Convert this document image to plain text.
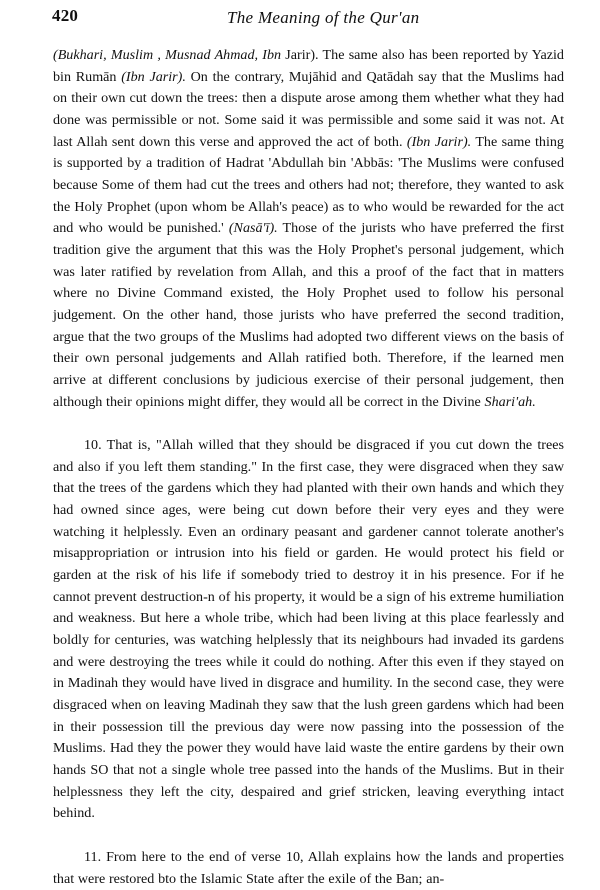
420	The Meaning of the Qur'an

(Bukhari, Muslim , Musnad Ahmad, Ibn Jarir). The same also has been reported by Yazid bin Rumān (Ibn Jarir). On the contrary, Mujāhid and Qatādah say that the Muslims had on their own cut down the trees: then a dispute arose among them whether what they had done was permissible or not. Some said it was permissible and some said it was not. At last Allah sent down this verse and approved the act of both. (Ibn Jarir). The same thing is supported by a tradition of Hadrat 'Abdullah bin 'Abbās: 'The Muslims were confused because Some of them had cut the trees and others had not; therefore, they wanted to ask the Holy Prophet (upon whom be Allah's peace) as to who would be rewarded for the act and who would be punished.' (Nasā'ī). Those of the jurists who have preferred the first tradition give the argument that this was the Holy Prophet's personal judgement, which was later ratified by revelation from Allah, and this a proof of the fact that in matters where no Divine Command existed, the Holy Prophet used to follow his personal judgement. On the other hand, those jurists who have preferred the second tradition, argue that the two groups of the Muslims had adopted two different views on the basis of their own personal judgements and Allah ratified both. Therefore, if the learned men arrive at different conclusions by judicious exercise of their personal judgement, then although their opinions might differ, they would all be correct in the Divine Shari'ah.

10. That is, "Allah willed that they should be disgraced if you cut down the trees and also if you left them standing." In the first case, they were disgraced when they saw that the trees of the gardens which they had planted with their own hands and which they had owned since ages, were being cut down before their very eyes and they were watching it helplessly. Even an ordinary peasant and gardener cannot tolerate another's misappropriation or intrusion into his field or garden. He would protect his field or garden at the risk of his life if somebody tried to destroy it in his presence. For if he cannot prevent destruction-n of his property, it would be a sign of his extreme humiliation and weakness. But here a whole tribe, which had been living at this place fearlessly and boldly for centuries, was watching helplessly that its neighbours had invaded its gardens and were destroying the trees while it could do nothing. After this even if they stayed on in Madinah they would have lived in disgrace and humility. In the second case, they were disgraced when on leaving Madinah they saw that the lush green gardens which had been in their possession till the previous day were now passing into the possession of the Muslims. Had they the power they would have laid waste the entire gardens by their own hands SO that not a single whole tree passed into the hands of the Muslims. But in their helplessness they left the city, despaired and grief stricken, leaving everything intact behind.

11. From here to the end of verse 10, Allah explains how the lands and properties that were restored bto the Islamic State after the exile of the Ban; an-
